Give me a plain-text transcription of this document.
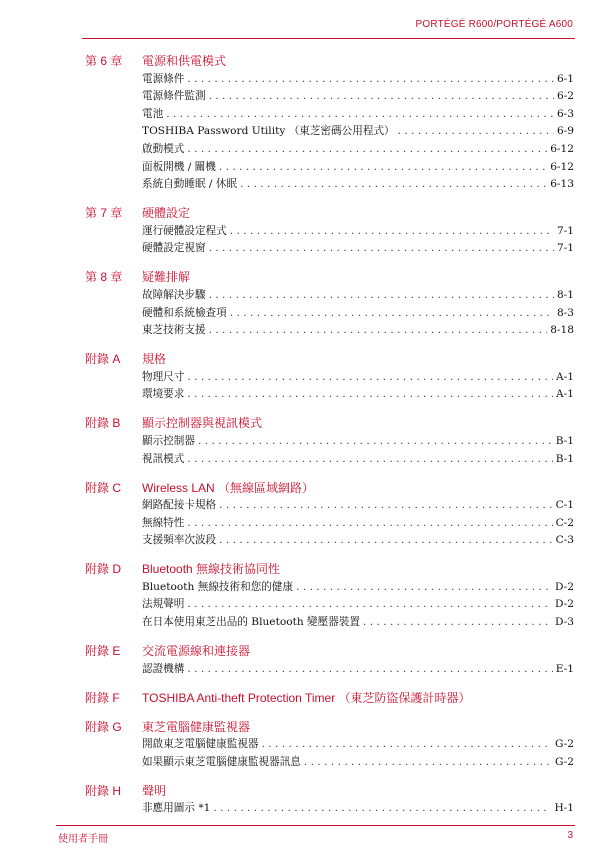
PORTÉGÉ R600/PORTÉGÉ A600
第 6 章 電源和供電模式
電源條件 . . .	6-1
電源條件監測 . . .	6-2
電池 . . .	6-3
TOSHIBA Password Utility （東芝密碼公用程式） . . .	6-9
啟動模式 . . .	6-12
面板開機 / 關機 . . .	6-12
系統自動睡眠 / 休眠 . . .	6-13
第 7 章 硬體設定
運行硬體設定程式 . . .	7-1
硬體設定視窗 . . .	7-1
第 8 章 疑難排解
故障解決步驟 . . .	8-1
硬體和系統檢查項 . . .	8-3
東芝技術支援 . . .	8-18
附錄 A 規格
物理尺寸 . . .	A-1
環境要求 . . .	A-1
附錄 B 顯示控制器與視訊模式
顯示控制器 . . .	B-1
視訊模式 . . .	B-1
附錄 C Wireless LAN （無線區域網路）
網路配接卡規格 . . .	C-1
無線特性 . . .	C-2
支援頻率次波段 . . .	C-3
附錄 D Bluetooth 無線技術協同性
Bluetooth 無線技術和您的健康 . . .	D-2
法規聲明 . . .	D-2
在日本使用東芝出品的 Bluetooth 變壓器裝置 . . .	D-3
附錄 E 交流電源線和連接器
認證機構 . . .	E-1
附錄 F TOSHIBA Anti-theft Protection Timer （東芝防盜保護計時器）
附錄 G 東芝電腦健康監視器
開啟東芝電腦健康監視器 . . .	G-2
如果顯示東芝電腦健康監視器訊息 . . .	G-2
附錄 H 聲明
非應用圖示 *1 . . .	H-1
使用者手冊	3
